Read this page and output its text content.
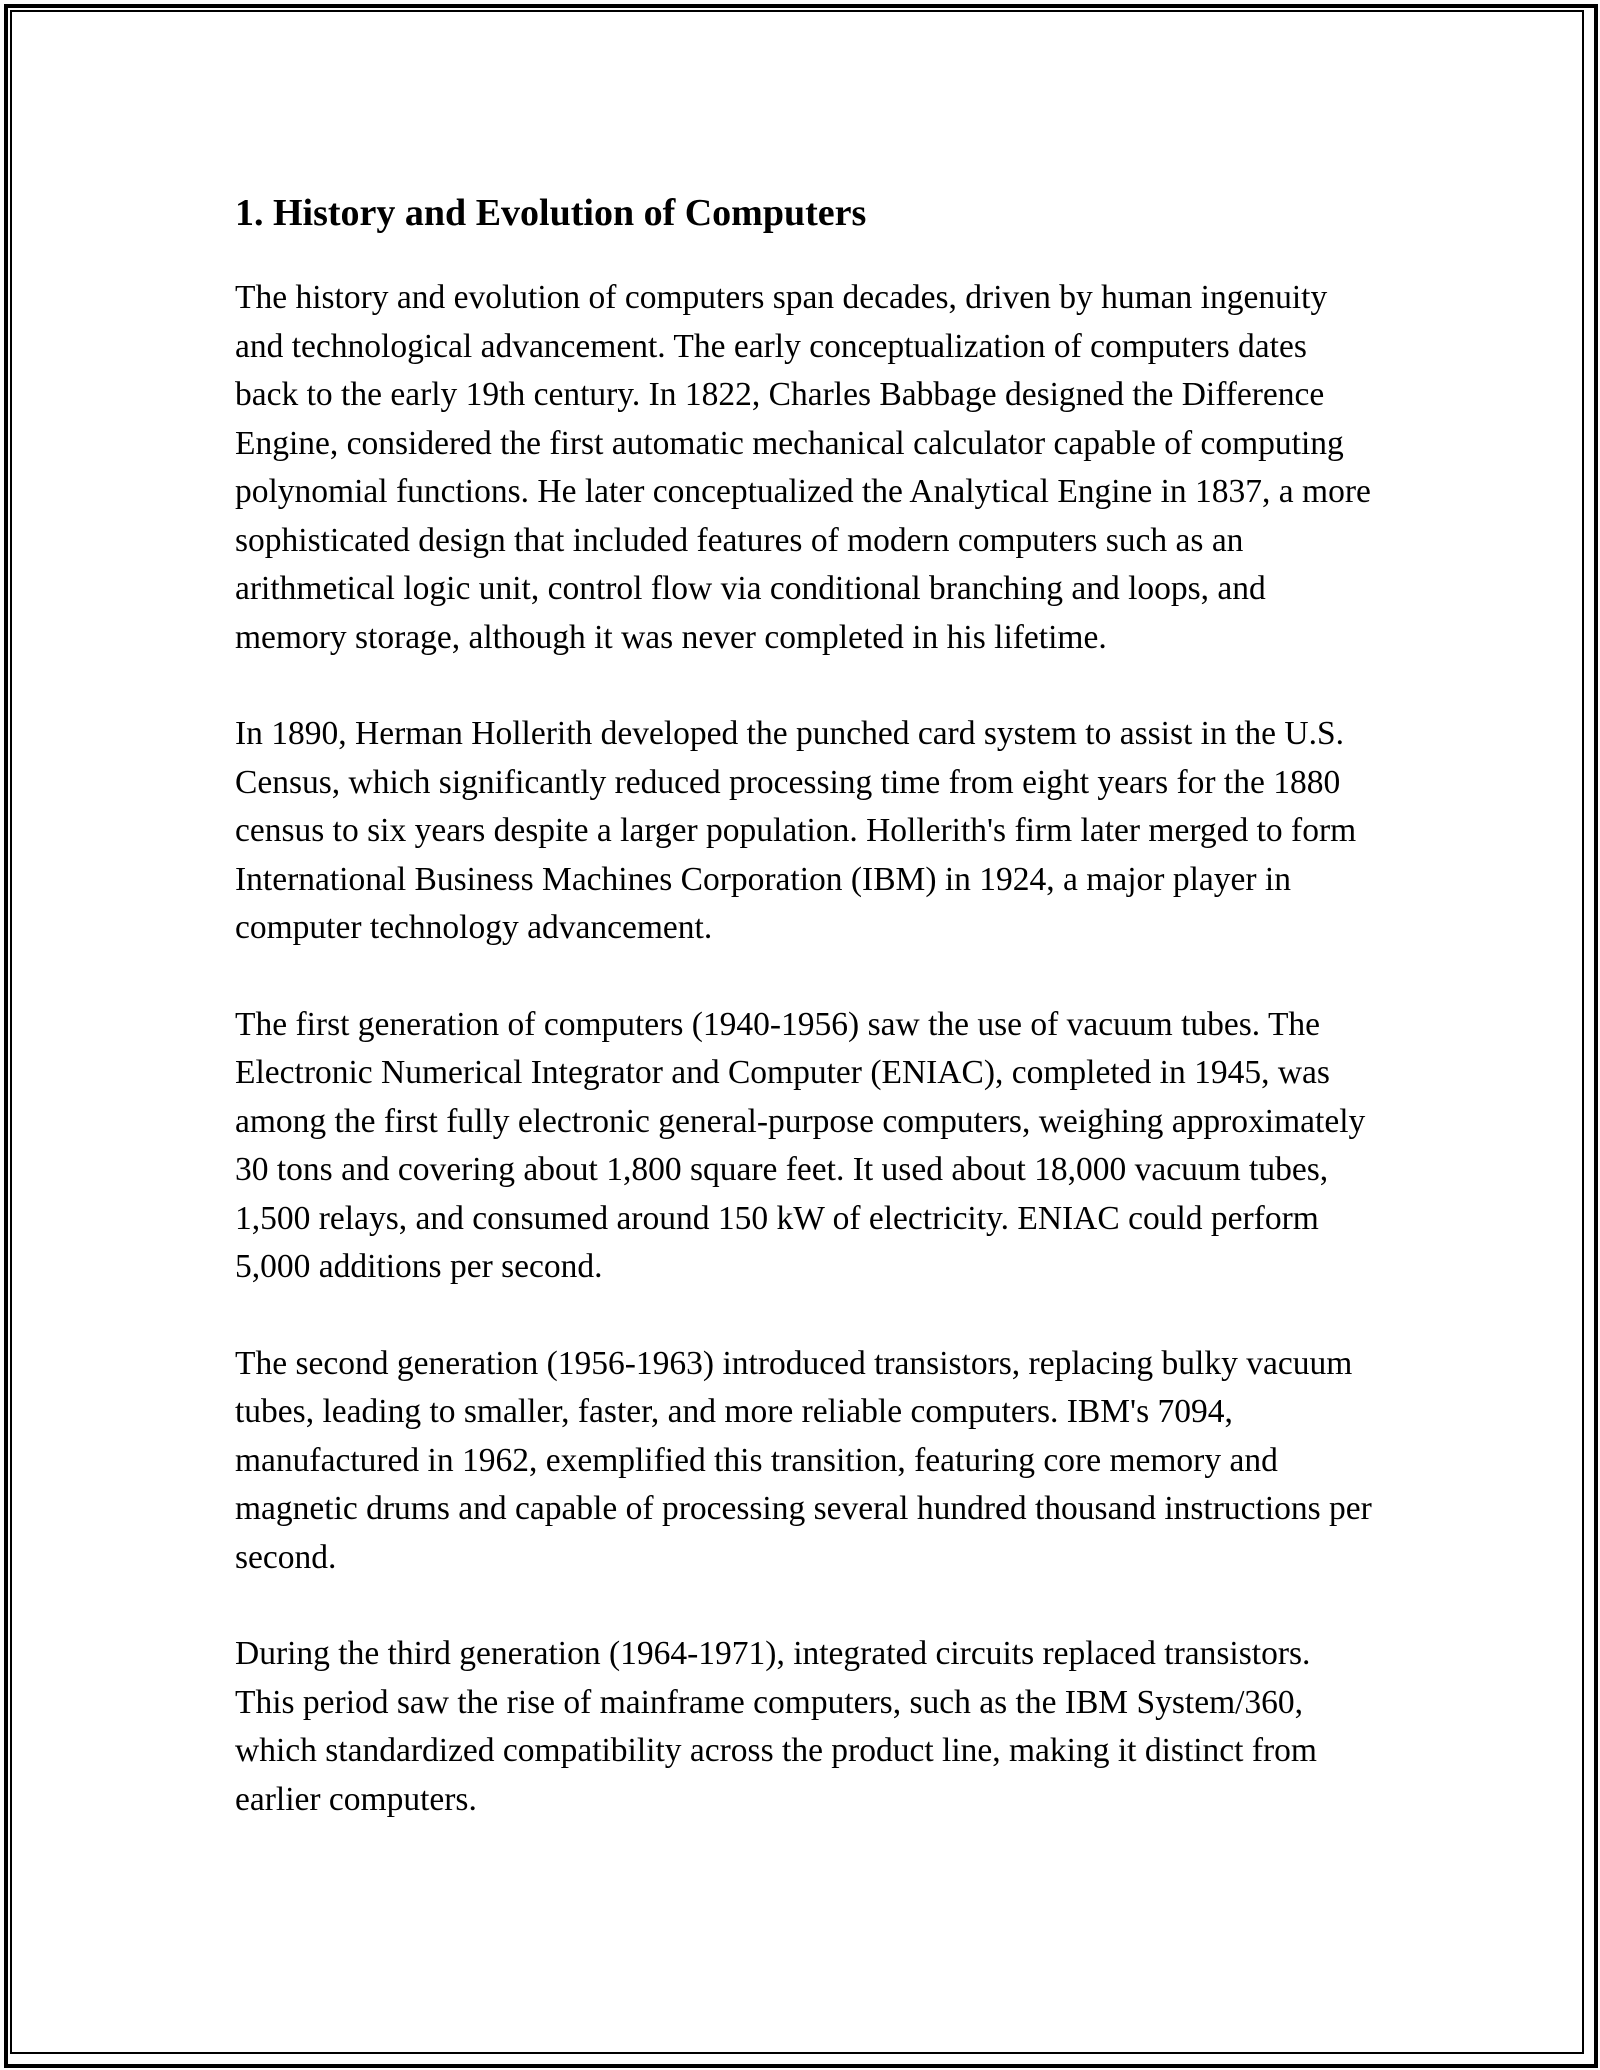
1. History and Evolution of Computers

The history and evolution of computers span decades, driven by human ingenuity and technological advancement. The early conceptualization of computers dates back to the early 19th century. In 1822, Charles Babbage designed the Difference Engine, considered the first automatic mechanical calculator capable of computing polynomial functions. He later conceptualized the Analytical Engine in 1837, a more sophisticated design that included features of modern computers such as an arithmetical logic unit, control flow via conditional branching and loops, and memory storage, although it was never completed in his lifetime.

In 1890, Herman Hollerith developed the punched card system to assist in the U.S. Census, which significantly reduced processing time from eight years for the 1880 census to six years despite a larger population. Hollerith's firm later merged to form International Business Machines Corporation (IBM) in 1924, a major player in computer technology advancement.

The first generation of computers (1940-1956) saw the use of vacuum tubes. The Electronic Numerical Integrator and Computer (ENIAC), completed in 1945, was among the first fully electronic general-purpose computers, weighing approximately 30 tons and covering about 1,800 square feet. It used about 18,000 vacuum tubes, 1,500 relays, and consumed around 150 kW of electricity. ENIAC could perform 5,000 additions per second.

The second generation (1956-1963) introduced transistors, replacing bulky vacuum tubes, leading to smaller, faster, and more reliable computers. IBM's 7094, manufactured in 1962, exemplified this transition, featuring core memory and magnetic drums and capable of processing several hundred thousand instructions per second.

During the third generation (1964-1971), integrated circuits replaced transistors. This period saw the rise of mainframe computers, such as the IBM System/360, which standardized compatibility across the product line, making it distinct from earlier computers.
